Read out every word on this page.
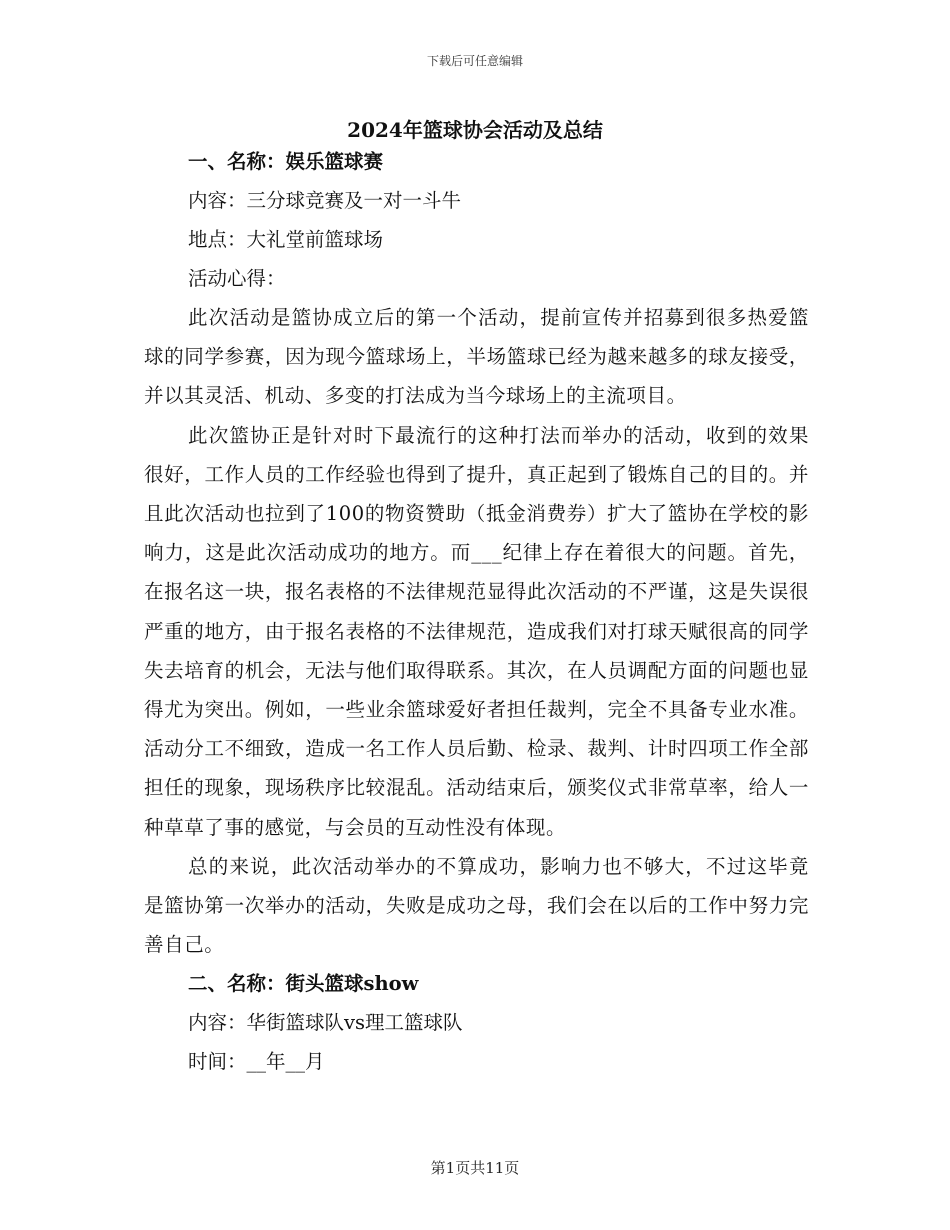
下载后可任意编辑
2024年篮球协会活动及总结
一、名称：娱乐篮球赛
内容：三分球竞赛及一对一斗牛
地点：大礼堂前篮球场
活动心得：
此次活动是篮协成立后的第一个活动，提前宣传并招募到很多热爱篮球的同学参赛，因为现今篮球场上，半场篮球已经为越来越多的球友接受，并以其灵活、机动、多变的打法成为当今球场上的主流项目。
此次篮协正是针对时下最流行的这种打法而举办的活动，收到的效果很好，工作人员的工作经验也得到了提升，真正起到了锻炼自己的目的。并且此次活动也拉到了100的物资赞助（抵金消费券）扩大了篮协在学校的影响力，这是此次活动成功的地方。而___纪律上存在着很大的问题。首先，在报名这一块，报名表格的不法律规范显得此次活动的不严谨，这是失误很严重的地方，由于报名表格的不法律规范，造成我们对打球天赋很高的同学失去培育的机会，无法与他们取得联系。其次，在人员调配方面的问题也显得尤为突出。例如，一些业余篮球爱好者担任裁判，完全不具备专业水准。活动分工不细致，造成一名工作人员后勤、检录、裁判、计时四项工作全部担任的现象，现场秩序比较混乱。活动结束后，颁奖仪式非常草率，给人一种草草了事的感觉，与会员的互动性没有体现。
总的来说，此次活动举办的不算成功，影响力也不够大，不过这毕竟是篮协第一次举办的活动，失败是成功之母，我们会在以后的工作中努力完善自己。
二、名称：街头篮球show
内容：华街篮球队vs理工篮球队
时间：__年__月
第1页共11页
